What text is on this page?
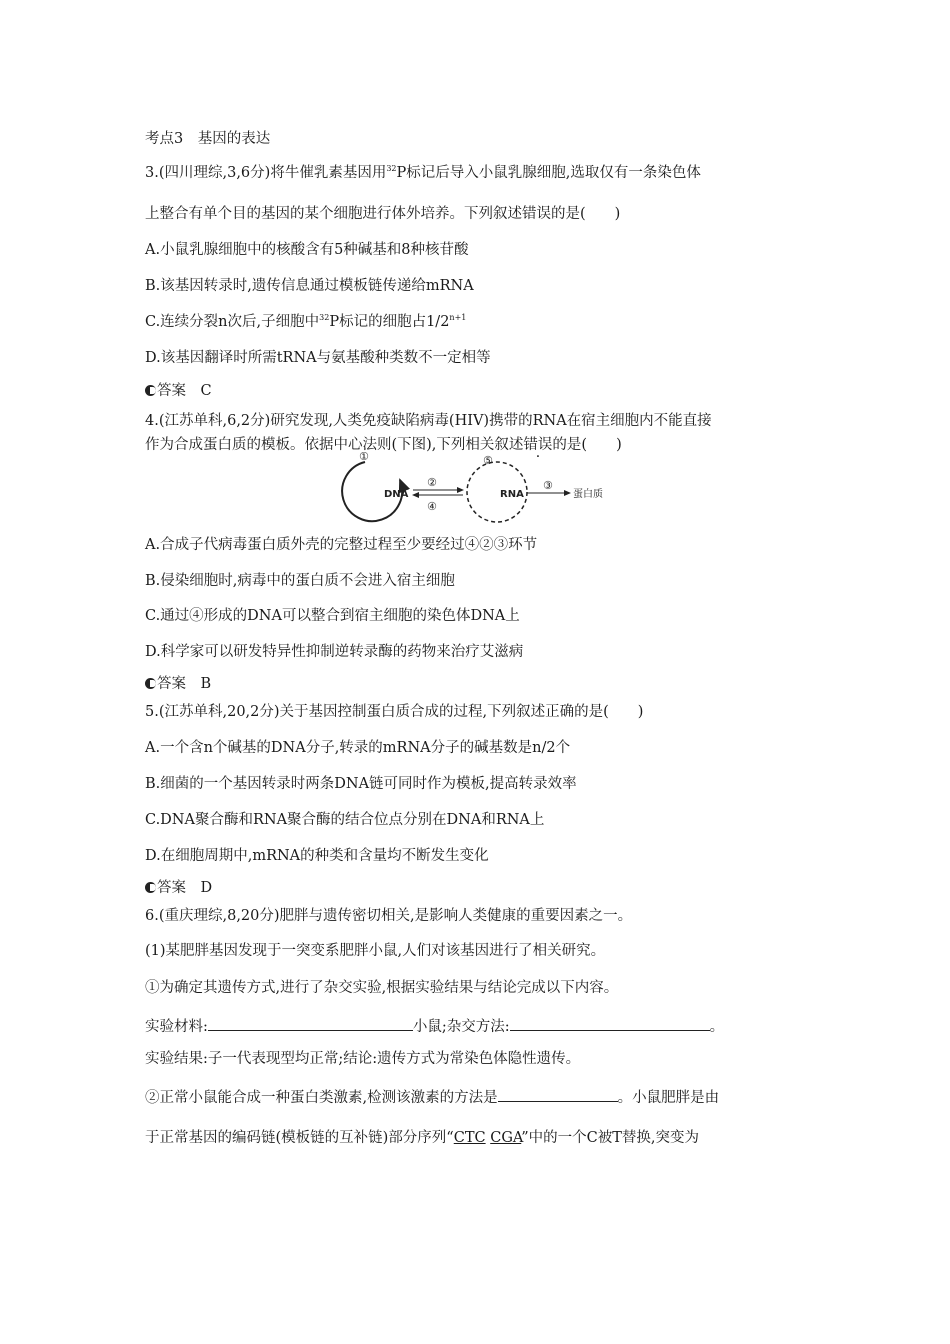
考点3　基因的表达
3.(四川理综,3,6分)将牛催乳素基因用$^{32}$P标记后导入小鼠乳腺细胞,选取仅有一条染色体
上整合有单个目的基因的某个细胞进行体外培养。下列叙述错误的是(　　)
A.小鼠乳腺细胞中的核酸含有5种碱基和8种核苷酸
B.该基因转录时,遗传信息通过模板链传递给mRNA
C.连续分裂n次后,子细胞中$^{32}$P标记的细胞占$1/2^{n+1}$
D.该基因翻译时所需tRNA与氨基酸种类数不一定相等
答案　 C
4.(江苏单科,6,2分)研究发现,人类免疫缺陷病毒(HIV)携带的RNA在宿主细胞内不能直接
作为合成蛋白质的模板。依据中心法则(下图),下列相关叙述错误的是(　　)
①
DNA
②
④
⑤
RNA
③
蛋白质
A.合成子代病毒蛋白质外壳的完整过程至少要经过④②③环节
B.侵染细胞时,病毒中的蛋白质不会进入宿主细胞
C.通过④形成的DNA可以整合到宿主细胞的染色体DNA上
D.科学家可以研发特异性抑制逆转录酶的药物来治疗艾滋病
答案　 B
5.(江苏单科,20,2分)关于基因控制蛋白质合成的过程,下列叙述正确的是(　　)
A.一个含n个碱基的DNA分子,转录的mRNA分子的碱基数是n/2个
B.细菌的一个基因转录时两条DNA链可同时作为模板,提高转录效率
C.DNA聚合酶和RNA聚合酶的结合位点分别在DNA和RNA上
D.在细胞周期中,mRNA的种类和含量均不断发生变化
答案　 D
6.(重庆理综,8,20分)肥胖与遗传密切相关,是影响人类健康的重要因素之一。
(1)某肥胖基因发现于一突变系肥胖小鼠,人们对该基因进行了相关研究。
①为确定其遗传方式,进行了杂交实验,根据实验结果与结论完成以下内容。
实验材料:	小鼠;杂交方法:	。
实验结果:子一代表现型均正常;结论:遗传方式为常染色体隐性遗传。
②正常小鼠能合成一种蛋白类激素,检测该激素的方法是	。小鼠肥胖是由
于正常基因的编码链(模板链的互补链)部分序列“CTC CGA”中的一个C被T替换,突变为
